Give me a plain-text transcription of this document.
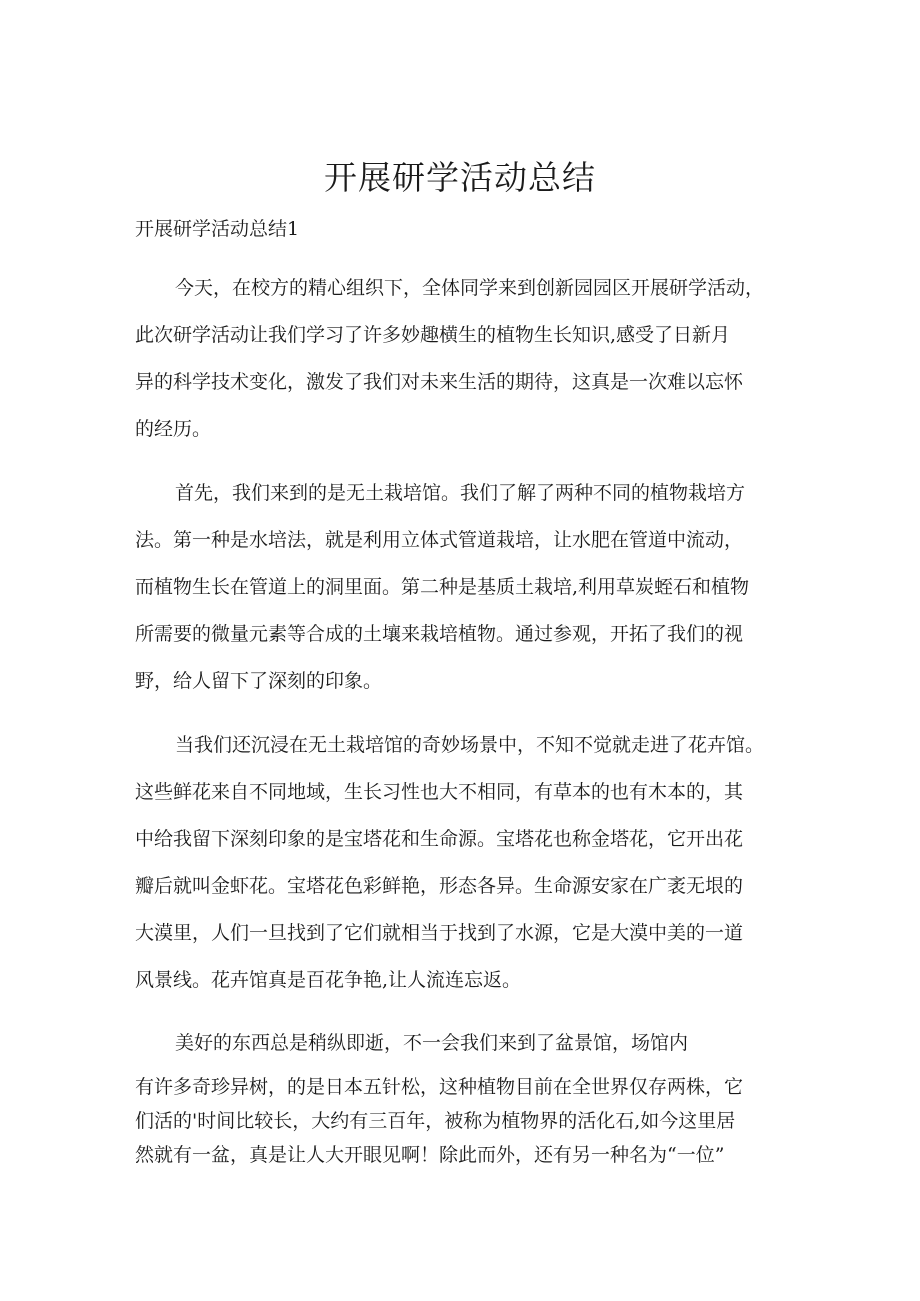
开展研学活动总结

开展研学活动总结1

今天，在校方的精心组织下，全体同学来到创新园园区开展研学活动，
此次研学活动让我们学习了许多妙趣横生的植物生长知识,感受了日新月
异的科学技术变化，激发了我们对未来生活的期待，这真是一次难以忘怀
的经历。
首先，我们来到的是无土栽培馆。我们了解了两种不同的植物栽培方
法。第一种是水培法，就是利用立体式管道栽培，让水肥在管道中流动，
而植物生长在管道上的洞里面。第二种是基质土栽培,利用草炭蛭石和植物
所需要的微量元素等合成的土壤来栽培植物。通过参观，开拓了我们的视
野，给人留下了深刻的印象。
当我们还沉浸在无土栽培馆的奇妙场景中，不知不觉就走进了花卉馆。
这些鲜花来自不同地域，生长习性也大不相同，有草本的也有木本的，其
中给我留下深刻印象的是宝塔花和生命源。宝塔花也称金塔花，它开出花
瓣后就叫金虾花。宝塔花色彩鲜艳，形态各异。生命源安家在广袤无垠的
大漠里，人们一旦找到了它们就相当于找到了水源，它是大漠中美的一道
风景线。花卉馆真是百花争艳,让人流连忘返。
美好的东西总是稍纵即逝，不一会我们来到了盆景馆，场馆内
有许多奇珍异树，的是日本五针松，这种植物目前在全世界仅存两株，它
们活的'时间比较长，大约有三百年，被称为植物界的活化石,如今这里居
然就有一盆，真是让人大开眼见啊！除此而外，还有另一种名为“一位”
